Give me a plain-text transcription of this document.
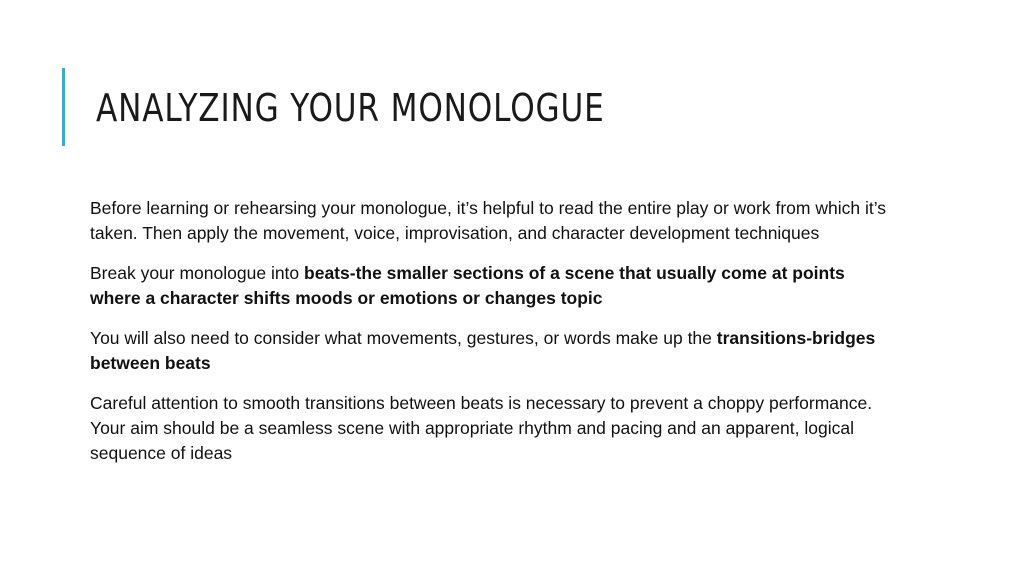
ANALYZING YOUR MONOLOGUE

Before learning or rehearsing your monologue, it’s helpful to read the entire play or work from which it’s taken. Then apply the movement, voice, improvisation, and character development techniques

Break your monologue into beats-the smaller sections of a scene that usually come at points where a character shifts moods or emotions or changes topic

You will also need to consider what movements, gestures, or words make up the transitions-bridges between beats

Careful attention to smooth transitions between beats is necessary to prevent a choppy performance. Your aim should be a seamless scene with appropriate rhythm and pacing and an apparent, logical sequence of ideas
